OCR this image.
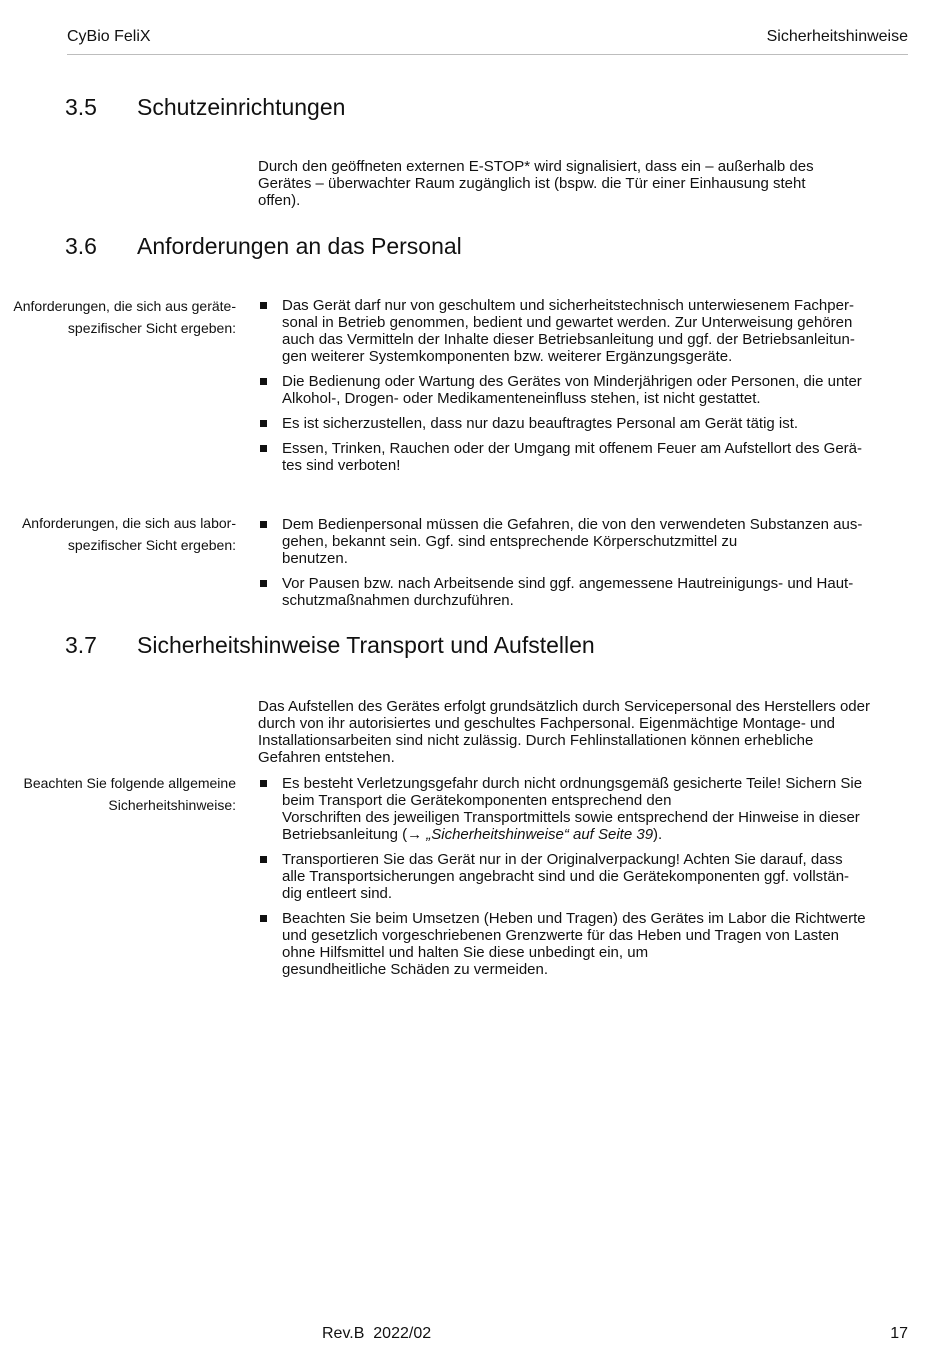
CyBio FeliX	Sicherheitshinweise
3.5 Schutzeinrichtungen
Durch den geöffneten externen E-STOP* wird signalisiert, dass ein – außerhalb des
Gerätes – überwachter Raum zugänglich ist (bspw. die Tür einer Einhausung steht
offen).
3.6 Anforderungen an das Personal
Anforderungen, die sich aus geräte-
spezifischer Sicht ergeben:
Das Gerät darf nur von geschultem und sicherheitstechnisch unterwiesenem Fachper-
sonal in Betrieb genommen, bedient und gewartet werden. Zur Unterweisung gehören
auch das Vermitteln der Inhalte dieser Betriebsanleitung und ggf. der Betriebsanleitun-
gen weiterer Systemkomponenten bzw. weiterer Ergänzungsgeräte.
Die Bedienung oder Wartung des Gerätes von Minderjährigen oder Personen, die unter
Alkohol-, Drogen- oder Medikamenteneinfluss stehen, ist nicht gestattet.
Es ist sicherzustellen, dass nur dazu beauftragtes Personal am Gerät tätig ist.
Essen, Trinken, Rauchen oder der Umgang mit offenem Feuer am Aufstellort des Gerä-
tes sind verboten!
Anforderungen, die sich aus labor-
spezifischer Sicht ergeben:
Dem Bedienpersonal müssen die Gefahren, die von den verwendeten Substanzen aus-
gehen, bekannt sein. Ggf. sind entsprechende Körperschutzmittel zu
benutzen.
Vor Pausen bzw. nach Arbeitsende sind ggf. angemessene Hautreinigungs- und Haut-
schutzmaßnahmen durchzuführen.
3.7 Sicherheitshinweise Transport und Aufstellen
Das Aufstellen des Gerätes erfolgt grundsätzlich durch Servicepersonal des Herstellers oder
durch von ihr autorisiertes und geschultes Fachpersonal. Eigenmächtige Montage- und
Installationsarbeiten sind nicht zulässig. Durch Fehlinstallationen können erhebliche
Gefahren entstehen.
Beachten Sie folgende allgemeine
Sicherheitshinweise:
Es besteht Verletzungsgefahr durch nicht ordnungsgemäß gesicherte Teile! Sichern Sie
beim Transport die Gerätekomponenten entsprechend den
Vorschriften des jeweiligen Transportmittels sowie entsprechend der Hinweise in dieser
Betriebsanleitung (→ „Sicherheitshinweise“ auf Seite 39).
Transportieren Sie das Gerät nur in der Originalverpackung! Achten Sie darauf, dass
alle Transportsicherungen angebracht sind und die Gerätekomponenten ggf. vollstän-
dig entleert sind.
Beachten Sie beim Umsetzen (Heben und Tragen) des Gerätes im Labor die Richtwerte
und gesetzlich vorgeschriebenen Grenzwerte für das Heben und Tragen von Lasten
ohne Hilfsmittel und halten Sie diese unbedingt ein, um
gesundheitliche Schäden zu vermeiden.
Rev.B  2022/02	17
